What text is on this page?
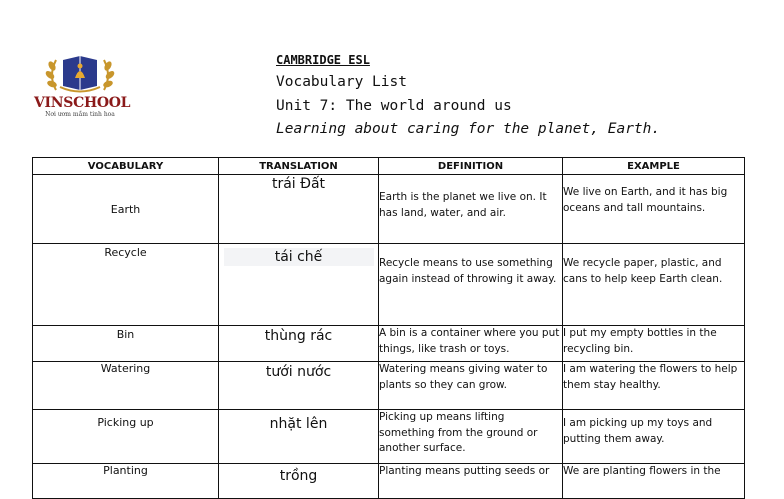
VINSCHOOL
Nơi ươm mầm tinh hoa
CAMBRIDGE ESL
Vocabulary List
Unit 7: The world around us
Learning about caring for the planet, Earth.
VOCABULARY	TRANSLATION	DEFINITION	EXAMPLE
Earth	trái Đất	Earth is the planet we live on. It has land, water, and air.	We live on Earth, and it has big oceans and tall mountains.
Recycle	tái chế	Recycle means to use something again instead of throwing it away.	We recycle paper, plastic, and cans to help keep Earth clean.
Bin	thùng rác	A bin is a container where you put things, like trash or toys.	I put my empty bottles in the recycling bin.
Watering	tưới nước	Watering means giving water to plants so they can grow.	I am watering the flowers to help them stay healthy.
Picking up	nhặt lên	Picking up means lifting something from the ground or another surface.	I am picking up my toys and putting them away.
Planting	trồng	Planting means putting seeds or	We are planting flowers in the
